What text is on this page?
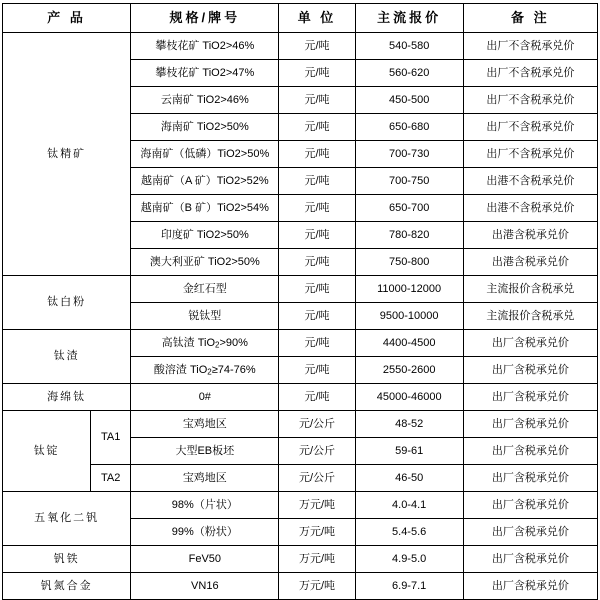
产 品		规格/牌号	单 位	主流报价	备 注
钛精矿		攀枝花矿 TiO2>46%	元/吨	540-580	出厂不含税承兑价
		攀枝花矿 TiO2>47%	元/吨	560-620	出厂不含税承兑价
		云南矿 TiO2>46%	元/吨	450-500	出厂不含税承兑价
		海南矿 TiO2>50%	元/吨	650-680	出厂不含税承兑价
		海南矿（低磷）TiO2>50%	元/吨	700-730	出厂不含税承兑价
		越南矿（A 矿）TiO2>52%	元/吨	700-750	出港不含税承兑价
		越南矿（B 矿）TiO2>54%	元/吨	650-700	出港不含税承兑价
		印度矿 TiO2>50%	元/吨	780-820	出港含税承兑价
		澳大利亚矿 TiO2>50%	元/吨	750-800	出港含税承兑价
钛白粉		金红石型	元/吨	11000-12000	主流报价含税承兑
		锐钛型	元/吨	9500-10000	主流报价含税承兑
钛渣		高钛渣 TiO2>90%	元/吨	4400-4500	出厂含税承兑价
		酸溶渣 TiO2≥74-76%	元/吨	2550-2600	出厂含税承兑价
海绵钛		0#	元/吨	45000-46000	出厂含税承兑价
钛锭	TA1	宝鸡地区	元/公斤	48-52	出厂含税承兑价
		大型EB板坯	元/公斤	59-61	出厂含税承兑价
	TA2	宝鸡地区	元/公斤	46-50	出厂含税承兑价
五氧化二钒		98%（片状）	万元/吨	4.0-4.1	出厂含税承兑价
		99%（粉状）	万元/吨	5.4-5.6	出厂含税承兑价
钒铁		FeV50	万元/吨	4.9-5.0	出厂含税承兑价
钒氮合金		VN16	万元/吨	6.9-7.1	出厂含税承兑价
